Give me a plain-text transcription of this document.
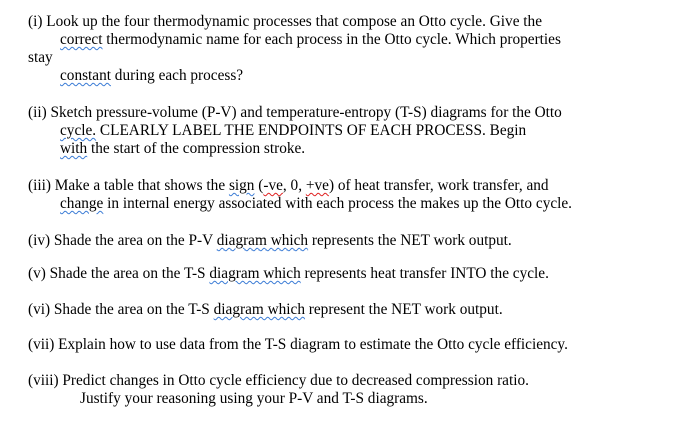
(i) Look up the four thermodynamic processes that compose an Otto cycle. Give the
correct thermodynamic name for each process in the Otto cycle. Which properties
stay
constant during each process?
(ii) Sketch pressure-volume (P-V) and temperature-entropy (T-S) diagrams for the Otto
cycle. CLEARLY LABEL THE ENDPOINTS OF EACH PROCESS. Begin
with the start of the compression stroke.
(iii) Make a table that shows the sign (-ve, 0, +ve) of heat transfer, work transfer, and
change in internal energy associated with each process the makes up the Otto cycle.
(iv) Shade the area on the P-V diagram which represents the NET work output.
(v) Shade the area on the T-S diagram which represents heat transfer INTO the cycle.
(vi) Shade the area on the T-S diagram which represent the NET work output.
(vii) Explain how to use data from the T-S diagram to estimate the Otto cycle efficiency.
(viii) Predict changes in Otto cycle efficiency due to decreased compression ratio.
Justify your reasoning using your P-V and T-S diagrams.
